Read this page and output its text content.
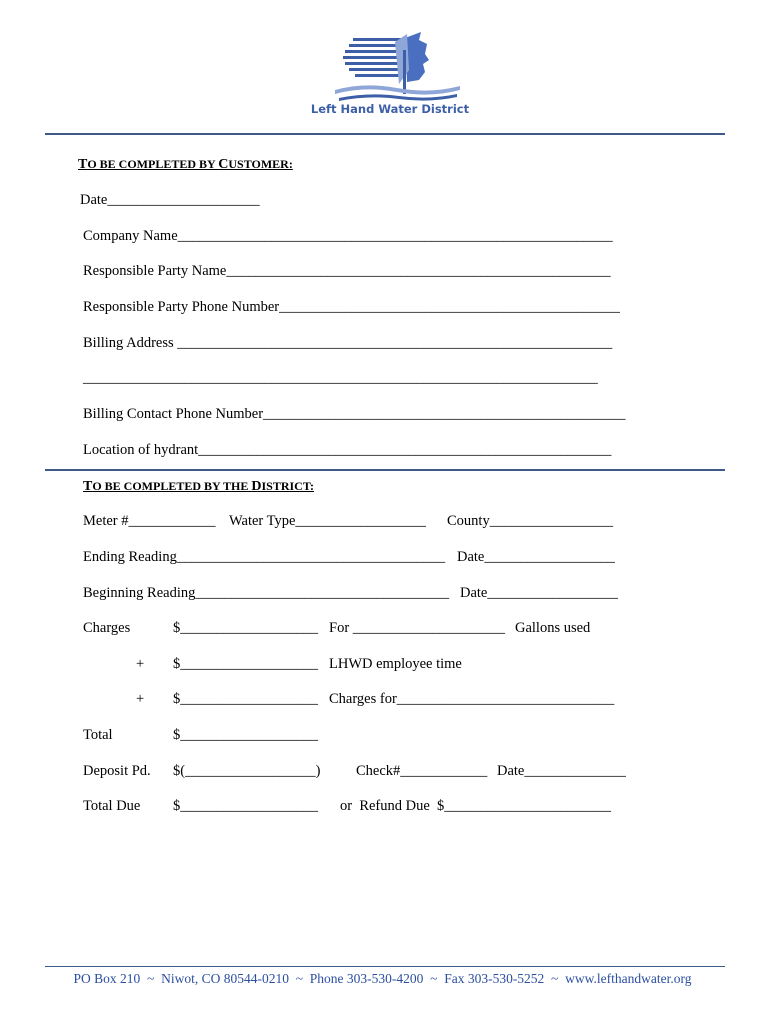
Left Hand Water District
TO BE COMPLETED BY CUSTOMER:
Date_____________________
Company Name____________________________________________________________
Responsible Party Name_____________________________________________________
Responsible Party Phone Number_______________________________________________
Billing Address ____________________________________________________________
_______________________________________________________________________
Billing Contact Phone Number__________________________________________________
Location of hydrant_________________________________________________________
TO BE COMPLETED BY THE DISTRICT:
Meter #____________ Water Type__________________ County_________________
Ending Reading_____________________________________ Date__________________
Beginning Reading___________________________________ Date__________________
Charges	$___________________ For _____________________ Gallons used
+ $___________________ LHWD employee time
+ $___________________ Charges for______________________________
Total	$___________________
Deposit Pd. $(__________________) Check#____________ Date______________
Total Due $___________________ or  Refund Due  $_______________________
PO Box 210  ~  Niwot, CO 80544-0210  ~  Phone 303-530-4200  ~  Fax 303-530-5252  ~  www.lefthandwater.org
